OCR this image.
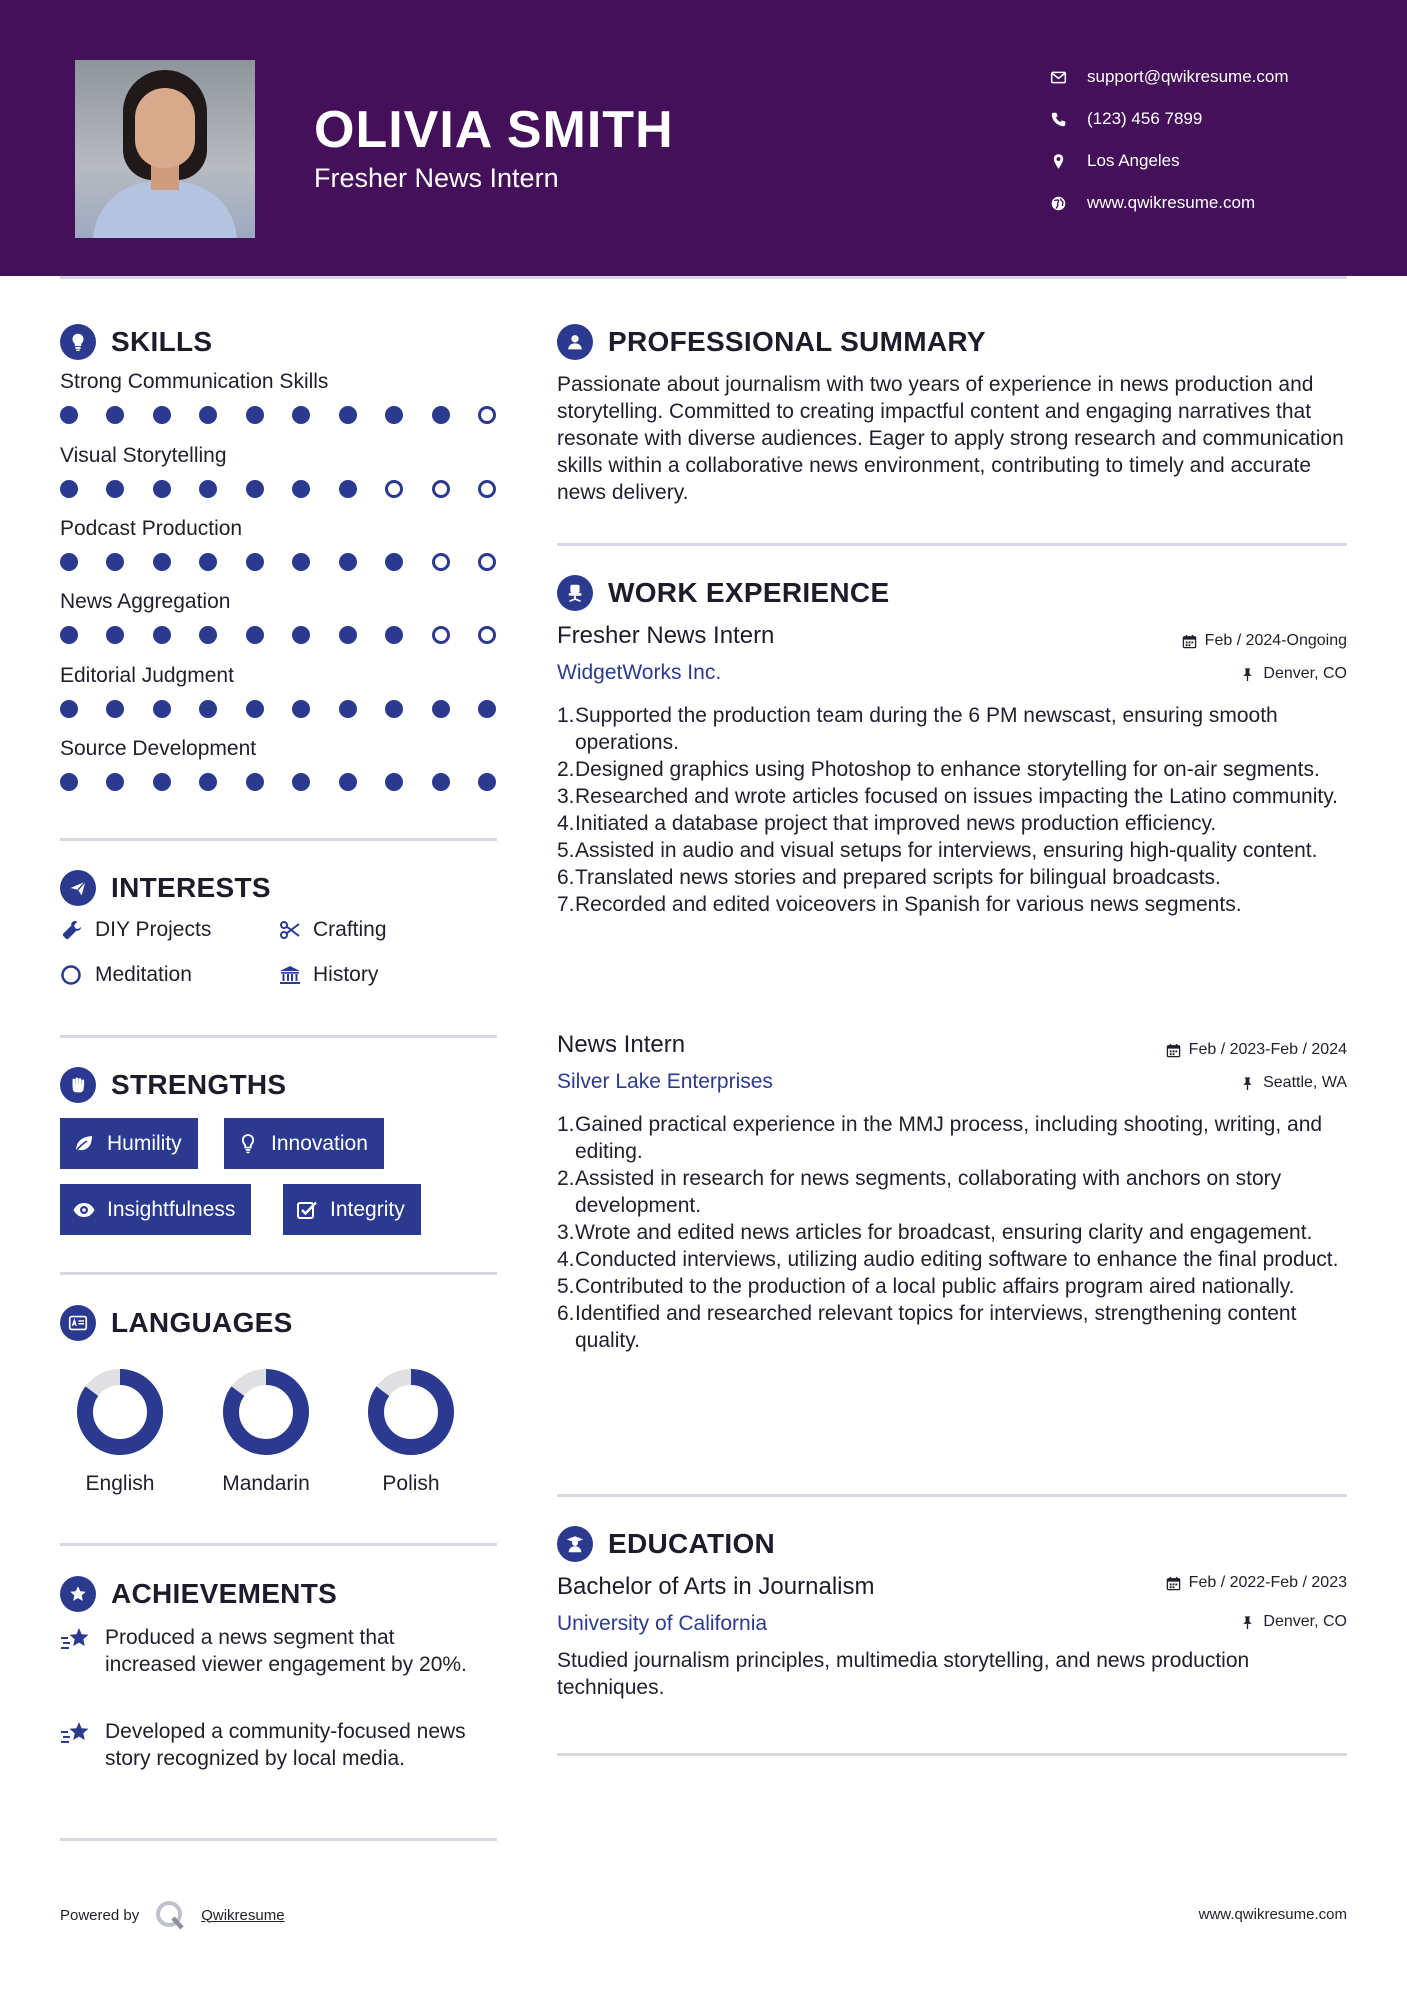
OLIVIA SMITH
Fresher News Intern
support@qwikresume.com
(123) 456 7899
Los Angeles
www.qwikresume.com
SKILLS
Strong Communication Skills
Visual Storytelling
Podcast Production
News Aggregation
Editorial Judgment
Source Development
INTERESTS
DIY Projects	Crafting
Meditation	History
STRENGTHS
Humility	Innovation
Insightfulness	Integrity
LANGUAGES
English	Mandarin	Polish
ACHIEVEMENTS
Produced a news segment that increased viewer engagement by 20%.
Developed a community-focused news story recognized by local media.
PROFESSIONAL SUMMARY
Passionate about journalism with two years of experience in news production and storytelling. Committed to creating impactful content and engaging narratives that resonate with diverse audiences. Eager to apply strong research and communication skills within a collaborative news environment, contributing to timely and accurate news delivery.
WORK EXPERIENCE
Fresher News Intern	Feb / 2024-Ongoing
WidgetWorks Inc.	Denver, CO
1. Supported the production team during the 6 PM newscast, ensuring smooth operations.
2. Designed graphics using Photoshop to enhance storytelling for on-air segments.
3. Researched and wrote articles focused on issues impacting the Latino community.
4. Initiated a database project that improved news production efficiency.
5. Assisted in audio and visual setups for interviews, ensuring high-quality content.
6. Translated news stories and prepared scripts for bilingual broadcasts.
7. Recorded and edited voiceovers in Spanish for various news segments.
News Intern	Feb / 2023-Feb / 2024
Silver Lake Enterprises	Seattle, WA
1. Gained practical experience in the MMJ process, including shooting, writing, and editing.
2. Assisted in research for news segments, collaborating with anchors on story development.
3. Wrote and edited news articles for broadcast, ensuring clarity and engagement.
4. Conducted interviews, utilizing audio editing software to enhance the final product.
5. Contributed to the production of a local public affairs program aired nationally.
6. Identified and researched relevant topics for interviews, strengthening content quality.
EDUCATION
Bachelor of Arts in Journalism	Feb / 2022-Feb / 2023
University of California	Denver, CO
Studied journalism principles, multimedia storytelling, and news production techniques.
Powered by	Qwikresume	www.qwikresume.com
